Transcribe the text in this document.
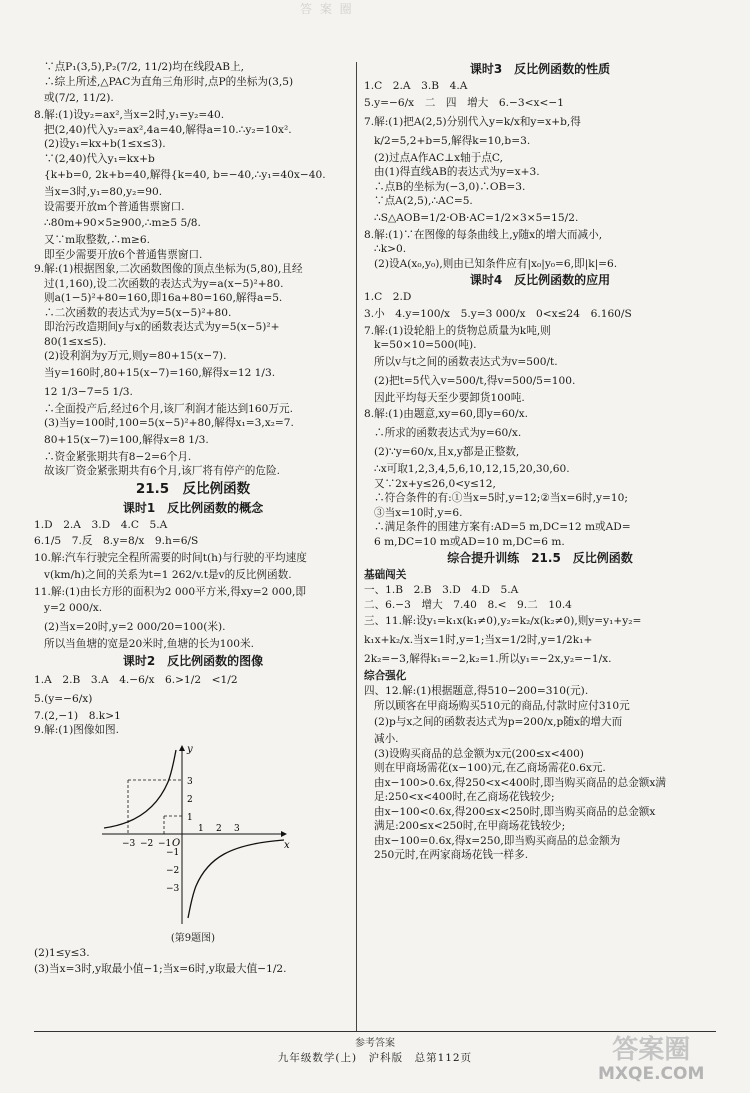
答 案 圈
∵点P₁(3,5),P₂(7/2, 11/2)均在线段AB上,
∴综上所述,△PAC为直角三角形时,点P的坐标为(3,5)
或(7/2, 11/2).
8.解:(1)设y₂=ax²,当x=2时,y₁=y₂=40.
把(2,40)代入y₂=ax²,4a=40,解得a=10.∴y₂=10x².
(2)设y₁=kx+b(1≤x≤3).
∵(2,40)代入y₁=kx+b
{k+b=0, 2k+b=40,解得{k=40, b=−40,∴y₁=40x−40.
当x=3时,y₁=80,y₂=90.
设需要开放m个普通售票窗口.
∴80m+90×5≥900,∴m≥5 5/8.
又∵m取整数,∴m≥6.
即至少需要开放6个普通售票窗口.
9.解:(1)根据图象,二次函数图像的顶点坐标为(5,80),且经
过(1,160),设二次函数的表达式为y=a(x−5)²+80.
则a(1−5)²+80=160,即16a+80=160,解得a=5.
∴二次函数的表达式为y=5(x−5)²+80.
即治污改造期间y与x的函数表达式为y=5(x−5)²+
80(1≤x≤5).
(2)设利润为y万元,则y=80+15(x−7).
当y=160时,80+15(x−7)=160,解得x=12 1/3.
12 1/3−7=5 1/3.
∴全面投产后,经过6个月,该厂利润才能达到160万元.
(3)当y=100时,100=5(x−5)²+80,解得x₁=3,x₂=7.
80+15(x−7)=100,解得x=8 1/3.
∴资金紧张期共有8−2=6个月.
故该厂资金紧张期共有6个月,该厂将有停产的危险.
21.5　反比例函数
课时1　反比例函数的概念
1.D　2.A　3.D　4.C　5.A
6.1/5　7.反　8.y=8/x　9.h=6/S
10.解:汽车行驶完全程所需要的时间t(h)与行驶的平均速度
v(km/h)之间的关系为t=1 262/v.t是v的反比例函数.
11.解:(1)由长方形的面积为2 000平方米,得xy=2 000,即
y=2 000/x.
(2)当x=20时,y=2 000/20=100(米).
所以当鱼塘的宽是20米时,鱼塘的长为100米.
课时2　反比例函数的图像
1.A　2.B　3.A　4.−6/x　6.>1/2　<1/2
5.(y=−6/x)
7.(2,−1)　8.k>1
9.解:(1)图像如图.
x
y
O
−3 −2 −1
1 2 3
3
2
1
−1
−2
−3
(第9题图)
(2)1≤y≤3.
(3)当x=3时,y取最小值−1;当x=6时,y取最大值−1/2.
课时3　反比例函数的性质
1.C　2.A　3.B　4.A
5.y=−6/x　二　四　增大　6.−3<x<−1
7.解:(1)把A(2,5)分别代入y=k/x和y=x+b,得
k/2=5,2+b=5,解得k=10,b=3.
(2)过点A作AC⊥x轴于点C,
由(1)得直线AB的表达式为y=x+3.
∴点B的坐标为(−3,0)∴OB=3.
∵点A(2,5),∴AC=5.
∴S△AOB=1/2·OB·AC=1/2×3×5=15/2.
8.解:(1)∵在图像的每条曲线上,y随x的增大而减小,
∴k>0.
(2)设A(x₀,y₀),则由已知条件应有|x₀|y₀=6,即|k|=6.
课时4　反比例函数的应用
1.C　2.D
3.小　4.y=100/x　5.y=3 000/x　0<x≤24　6.160/S
7.解:(1)设轮船上的货物总质量为k吨,则
k=50×10=500(吨).
所以v与t之间的函数表达式为v=500/t.
(2)把t=5代入v=500/t,得v=500/5=100.
因此平均每天至少要卸货100吨.
8.解:(1)由题意,xy=60,即y=60/x.
∴所求的函数表达式为y=60/x.
(2)∵y=60/x,且x,y都是正整数,
∴x可取1,2,3,4,5,6,10,12,15,20,30,60.
又∵2x+y≤26,0<y≤12,
∴符合条件的有:①当x=5时,y=12;②当x=6时,y=10;
③当x=10时,y=6.
∴满足条件的围建方案有:AD=5 m,DC=12 m或AD=
6 m,DC=10 m或AD=10 m,DC=6 m.
综合提升训练　21.5　反比例函数
基础闯关
一、1.B　2.B　3.D　4.D　5.A
二、6.−3　增大　7.40　8.<　9.二　10.4
三、11.解:设y₁=k₁x(k₁≠0),y₂=k₂/x(k₂≠0),则y=y₁+y₂=
k₁x+k₂/x.当x=1时,y=1;当x=1/2时,y=1/2k₁+
2k₂=−3,解得k₁=−2,k₂=1.所以y₁=−2x,y₂=−1/x.
综合强化
四、12.解:(1)根据题意,得510−200=310(元).
所以顾客在甲商场购买510元的商品,付款时应付310元
(2)p与x之间的函数表达式为p=200/x,p随x的增大而
减小.
(3)设购买商品的总金额为x元(200≤x<400)
则在甲商场需花(x−100)元,在乙商场需花0.6x元.
由x−100>0.6x,得250<x<400时,即当购买商品的总金额x满
足:250<x<400时,在乙商场花钱较少;
由x−100<0.6x,得200≤x<250时,即当购买商品的总金额x
满足:200≤x<250时,在甲商场花钱较少;
由x−100=0.6x,得x=250,即当购买商品的总金额为
250元时,在两家商场花钱一样多.
参考答案
九年级数学(上)　沪科版　总第112页	答案圈
MXQE.COM
